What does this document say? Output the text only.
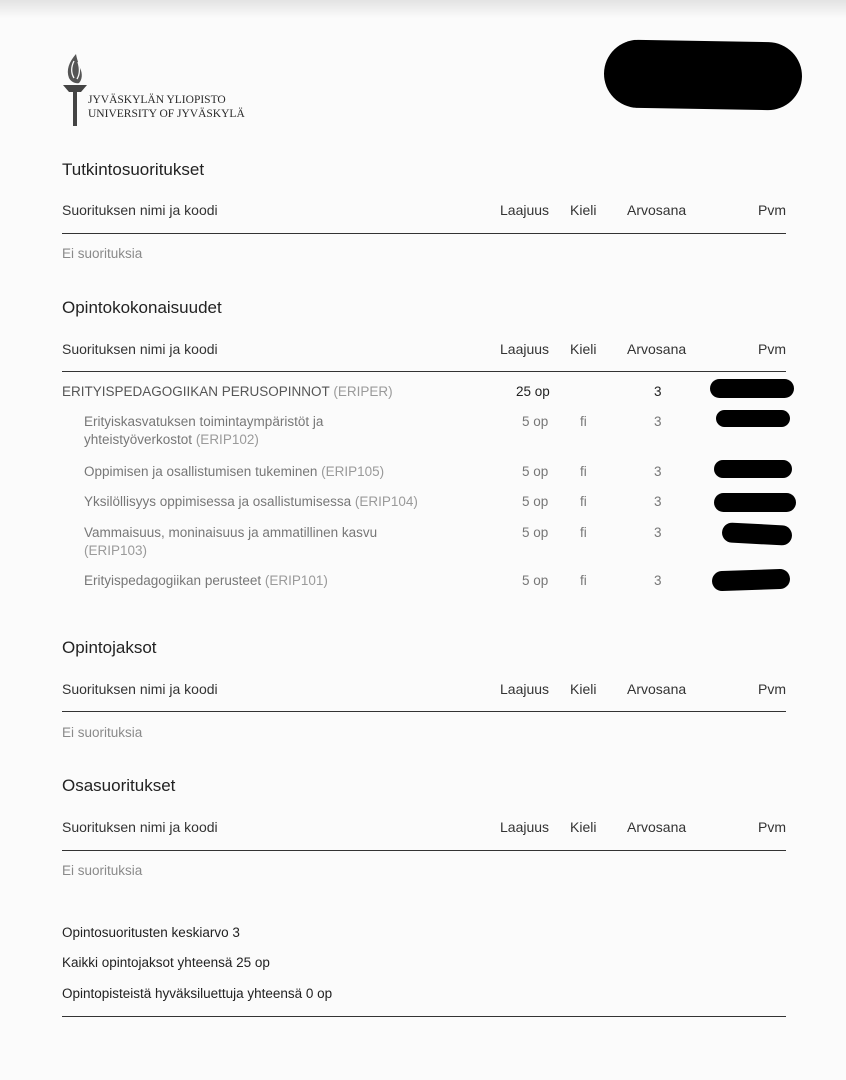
JYVÄSKYLÄN YLIOPISTO
UNIVERSITY OF JYVÄSKYLÄ
Tutkintosuoritukset
Suorituksen nimi ja koodi	Laajuus Kieli Arvosana	Pvm
Ei suorituksia
Opintokokonaisuudet
Suorituksen nimi ja koodi	Laajuus Kieli Arvosana	Pvm
ERITYISPEDAGOGIIKAN PERUSOPINNOT (ERIPER)	25 op	3
Erityiskasvatuksen toimintaympäristöt ja
yhteistyöverkostot (ERIP102)
5 op fi	3
Oppimisen ja osallistumisen tukeminen (ERIP105)	5 op fi	3
Yksilöllisyys oppimisessa ja osallistumisessa (ERIP104)	5 op fi	3
Vammaisuus, moninaisuus ja ammatillinen kasvu
(ERIP103)
5 op fi	3
Erityispedagogiikan perusteet (ERIP101)	5 op fi	3
Opintojaksot
Suorituksen nimi ja koodi	Laajuus Kieli Arvosana	Pvm
Ei suorituksia
Osasuoritukset
Suorituksen nimi ja koodi	Laajuus Kieli Arvosana	Pvm
Ei suorituksia
Opintosuoritusten keskiarvo 3
Kaikki opintojaksot yhteensä 25 op
Opintopisteistä hyväksiluettuja yhteensä 0 op
